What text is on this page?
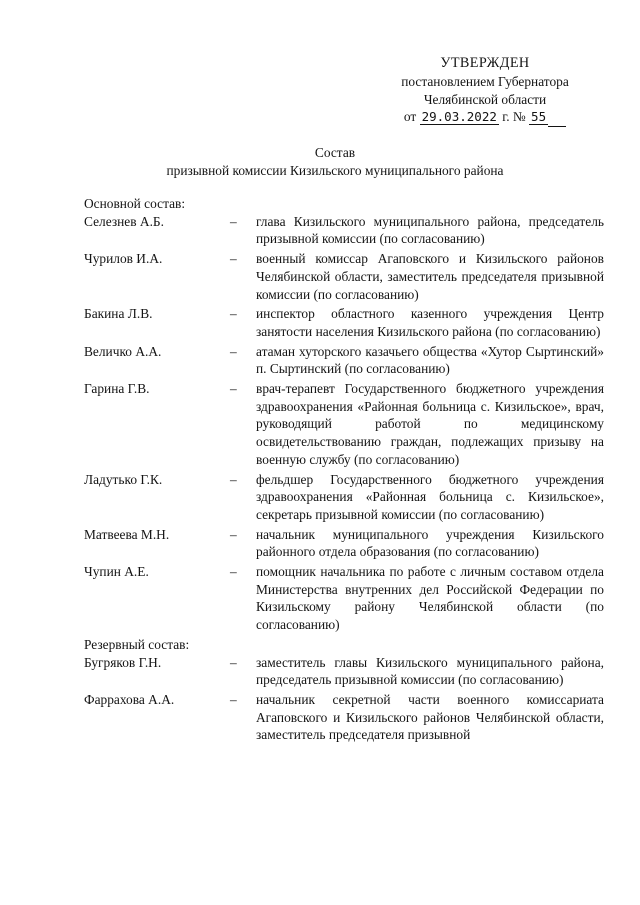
УТВЕРЖДЕН
постановлением Губернатора
Челябинской области
от 29.03.2022 г. № 55
Состав
призывной комиссии Кизильского муниципального района
Основной состав:
Селезнев А.Б.	–	глава Кизильского муниципального района, председатель призывной комиссии (по согласованию)
Чурилов И.А.	–	военный комиссар Агаповского и Кизильского районов Челябинской области, заместитель председателя призывной комиссии (по согласованию)
Бакина Л.В.	–	инспектор областного казенного учреждения Центр занятости населения Кизильского района (по согласованию)
Величко А.А.	–	атаман хуторского казачьего общества «Хутор Сыртинский» п. Сыртинский (по согласованию)
Гарина Г.В.	–	врач-терапевт Государственного бюджетного учреждения здравоохранения «Районная больница с. Кизильское», врач, руководящий работой по медицинскому освидетельствованию граждан, подлежащих призыву на военную службу (по согласованию)
Ладутько Г.К.	–	фельдшер Государственного бюджетного учреждения здравоохранения «Районная больница с. Кизильское», секретарь призывной комиссии (по согласованию)
Матвеева М.Н.	–	начальник муниципального учреждения Кизильского районного отдела образования (по согласованию)
Чупин А.Е.	–	помощник начальника по работе с личным составом отдела Министерства внутренних дел Российской Федерации по Кизильскому району Челябинской области (по согласованию)
Резервный состав:
Бугряков Г.Н.	–	заместитель главы Кизильского муниципального района, председатель призывной комиссии (по согласованию)
Фаррахова А.А.	–	начальник секретной части военного комиссариата Агаповского и Кизильского районов Челябинской области, заместитель председателя призывной
